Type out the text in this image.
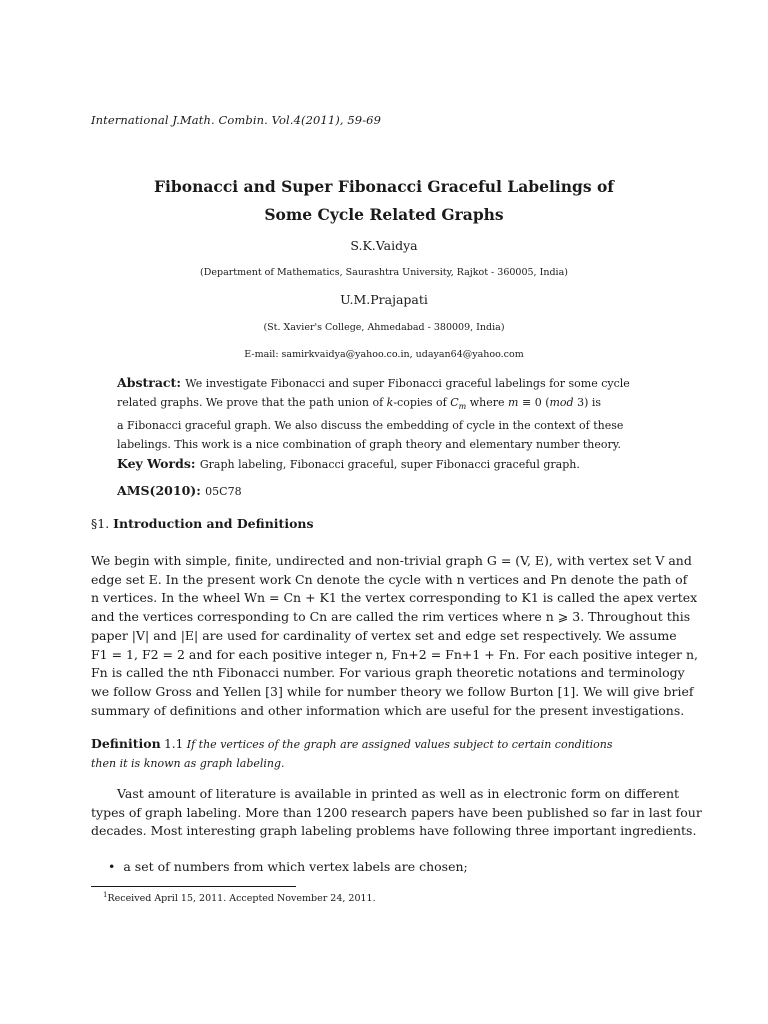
International J.Math. Combin. Vol.4(2011), 59-69
Fibonacci and Super Fibonacci Graceful Labelings of
Some Cycle Related Graphs
S.K.Vaidya
(Department of Mathematics, Saurashtra University, Rajkot - 360005, India)
U.M.Prajapati
(St. Xavier's College, Ahmedabad - 380009, India)
E-mail: samirkvaidya@yahoo.co.in, udayan64@yahoo.com
Abstract: We investigate Fibonacci and super Fibonacci graceful labelings for some cycle
related graphs. We prove that the path union of k-copies of $C_m$ where m ≡ 0 (mod 3) is
a Fibonacci graceful graph. We also discuss the embedding of cycle in the context of these
labelings. This work is a nice combination of graph theory and elementary number theory.
Key Words: Graph labeling, Fibonacci graceful, super Fibonacci graceful graph.
AMS(2010): 05C78
§1. Introduction and Definitions
We begin with simple, finite, undirected and non-trivial graph G = (V, E), with vertex set V and
edge set E. In the present work Cn denote the cycle with n vertices and Pn denote the path of
n vertices. In the wheel Wn = Cn + K1 the vertex corresponding to K1 is called the apex vertex
and the vertices corresponding to Cn are called the rim vertices where n ⩾ 3. Throughout this
paper |V| and |E| are used for cardinality of vertex set and edge set respectively. We assume
F1 = 1, F2 = 2 and for each positive integer n, Fn+2 = Fn+1 + Fn. For each positive integer n,
Fn is called the nth Fibonacci number. For various graph theoretic notations and terminology
we follow Gross and Yellen [3] while for number theory we follow Burton [1]. We will give brief
summary of definitions and other information which are useful for the present investigations.
Definition 1.1 If the vertices of the graph are assigned values subject to certain conditions
then it is known as graph labeling.
Vast amount of literature is available in printed as well as in electronic form on different
types of graph labeling. More than 1200 research papers have been published so far in last four
decades. Most interesting graph labeling problems have following three important ingredients.
• a set of numbers from which vertex labels are chosen;
$^1$Received April 15, 2011. Accepted November 24, 2011.
